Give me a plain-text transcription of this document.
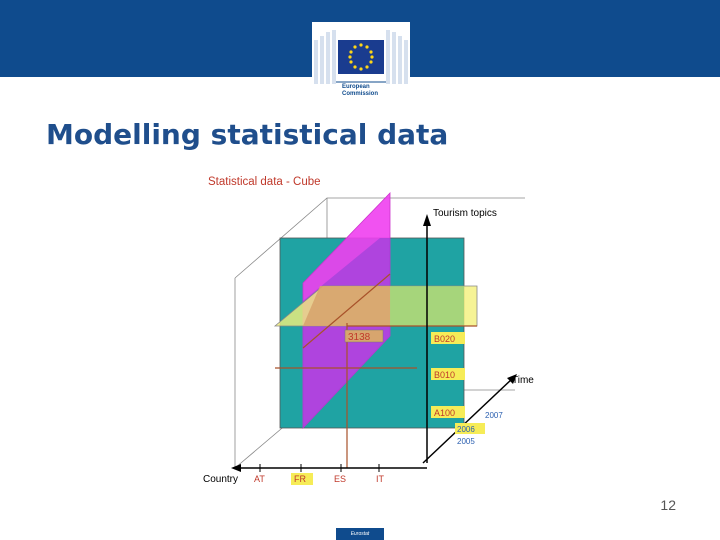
European
Commission
Modelling statistical data
Statistical data - Cube
Tourism topics
Time
Country
3138	B020
B010
A100	2007
2006
2005
AT	FR	ES	IT
12
Eurostat
